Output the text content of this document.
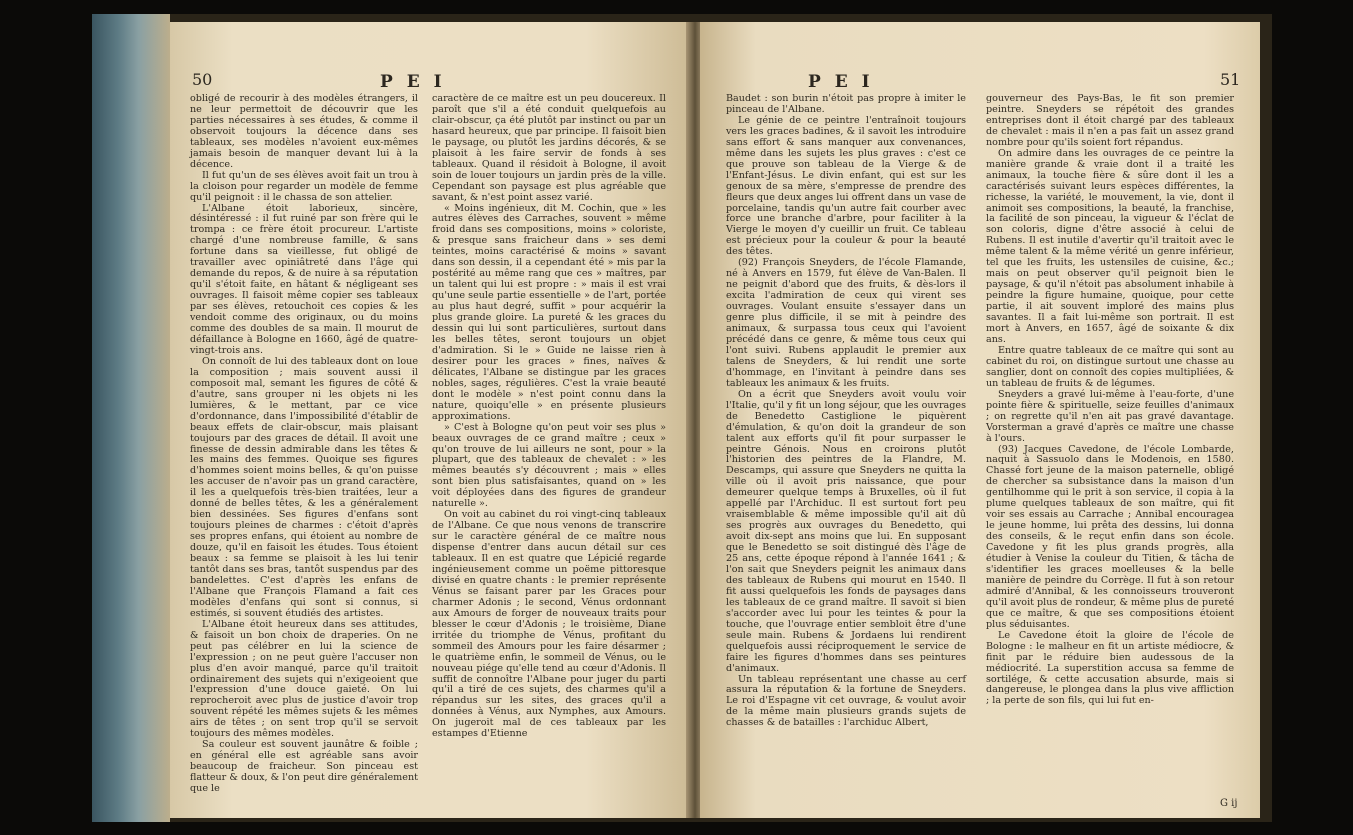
50	P E I

obligé de recourir à des modèles étrangers, il ne leur permettoit de découvrir que les parties nécessaires à ses études, & comme il observoit toujours la décence dans ses tableaux, ses modèles n'avoient eux-mêmes jamais besoin de manquer devant lui à la décence.

Il fut qu'un de ses élèves avoit fait un trou à la cloison pour regarder un modèle de femme qu'il peignoit : il le chassa de son attelier.

L'Albane étoit laborieux, sincère, désintéressé : il fut ruiné par son frère qui le trompa : ce frère étoit procureur. L'artiste chargé d'une nombreuse famille, & sans fortune dans sa vieillesse, fut obligé de travailler avec opiniâtreté dans l'âge qui demande du repos, & de nuire à sa réputation qu'il s'étoit faite, en hâtant & négligeant ses ouvrages. Il faisoit même copier ses tableaux par ses élèves, retouchoit ces copies & les vendoit comme des originaux, ou du moins comme des doubles de sa main. Il mourut de défaillance à Bologne en 1660, âgé de quatre-vingt-trois ans.

On connoît de lui des tableaux dont on loue la composition ; mais souvent aussi il composoit mal, semant les figures de côté & d'autre, sans grouper ni les objets ni les lumières, & le mettant, par ce vice d'ordonnance, dans l'impossibilité d'établir de beaux effets de clair-obscur, mais plaisant toujours par des graces de détail. Il avoit une finesse de dessin admirable dans les têtes & les mains des femmes. Quoique ses figures d'hommes soient moins belles, & qu'on puisse les accuser de n'avoir pas un grand caractère, il les a quelquefois très-bien traitées, leur a donné de belles têtes, & les a généralement bien dessinées. Ses figures d'enfans sont toujours pleines de charmes : c'étoit d'après ses propres enfans, qui étoient au nombre de douze, qu'il en faisoit les études. Tous étoient beaux : sa femme se plaisoit à les lui tenir tantôt dans ses bras, tantôt suspendus par des bandelettes. C'est d'après les enfans de l'Albane que François Flamand a fait ces modèles d'enfans qui sont si connus, si estimés, si souvent étudiés des artistes.

L'Albane étoit heureux dans ses attitudes, & faisoit un bon choix de draperies. On ne peut pas célébrer en lui la science de l'expression ; on ne peut guère l'accuser non plus d'en avoir manqué, parce qu'il traitoit ordinairement des sujets qui n'exigeoient que l'expression d'une douce gaieté. On lui reprocheroit avec plus de justice d'avoir trop souvent répété les mêmes sujets & les mêmes airs de têtes ; on sent trop qu'il se servoit toujours des mêmes modèles.

Sa couleur est souvent jaunâtre & foible ; en général elle est agréable sans avoir beaucoup de fraicheur. Son pinceau est flatteur & doux, & l'on peut dire généralement que le

caractère de ce maître est un peu doucereux. Il paroît que s'il a été conduit quelquefois au clair-obscur, ça été plutôt par instinct ou par un hasard heureux, que par principe. Il faisoit bien le paysage, ou plutôt les jardins décorés, & se plaisoit à les faire servir de fonds à ses tableaux. Quand il résidoit à Bologne, il avoit soin de louer toujours un jardin près de la ville. Cependant son paysage est plus agréable que savant, & n'est point assez varié.

« Moins ingénieux, dit M. Cochin, que » les autres élèves des Carraches, souvent » même froid dans ses compositions, moins » coloriste, & presque sans fraicheur dans » ses demi teintes, moins caractérisé & moins » savant dans son dessin, il a cependant été » mis par la postérité au même rang que ces » maîtres, par un talent qui lui est propre : » mais il est vrai qu'une seule partie essentielle » de l'art, portée au plus haut degré, suffit » pour acquérir la plus grande gloire. La pureté & les graces du dessin qui lui sont particulières, surtout dans les belles têtes, seront toujours un objet d'admiration. Si le » Guide ne laisse rien à desirer pour les graces » fines, naïves & délicates, l'Albane se distingue par les graces nobles, sages, régulières. C'est la vraie beauté dont le modèle » n'est point connu dans la nature, quoiqu'elle » en présente plusieurs approximations.

» C'est à Bologne qu'on peut voir ses plus » beaux ouvrages de ce grand maître ; ceux » qu'on trouve de lui ailleurs ne sont, pour » la plupart, que des tableaux de chevalet : » les mêmes beautés s'y découvrent ; mais » elles sont bien plus satisfaisantes, quand on » les voit déployées dans des figures de grandeur naturelle ».

On voit au cabinet du roi vingt-cinq tableaux de l'Albane. Ce que nous venons de transcrire sur le caractère général de ce maître nous dispense d'entrer dans aucun détail sur ces tableaux. Il en est quatre que Lépicié regarde ingénieusement comme un poëme pittoresque divisé en quatre chants : le premier représente Vénus se faisant parer par les Graces pour charmer Adonis ; le second, Vénus ordonnant aux Amours de forger de nouveaux traits pour blesser le cœur d'Adonis ; le troisième, Diane irritée du triomphe de Vénus, profitant du sommeil des Amours pour les faire désarmer ; le quatrième enfin, le sommeil de Vénus, ou le nouveau piége qu'elle tend au cœur d'Adonis. Il suffit de connoître l'Albane pour juger du parti qu'il a tiré de ces sujets, des charmes qu'il a répandus sur les sites, des graces qu'il a données à Vénus, aux Nymphes, aux Amours. On jugeroit mal de ces tableaux par les estampes d'Etienne

P E I	51

Baudet : son burin n'étoit pas propre à imiter le pinceau de l'Albane.

Le génie de ce peintre l'entraînoit toujours vers les graces badines, & il savoit les introduire sans effort & sans manquer aux convenances, même dans les sujets les plus graves : c'est ce que prouve son tableau de la Vierge & de l'Enfant-Jésus. Le divin enfant, qui est sur les genoux de sa mère, s'empresse de prendre des fleurs que deux anges lui offrent dans un vase de porcelaine, tandis qu'un autre fait courber avec force une branche d'arbre, pour faciliter à la Vierge le moyen d'y cueillir un fruit. Ce tableau est précieux pour la couleur & pour la beauté des têtes.

(92) François Sneyders, de l'école Flamande, né à Anvers en 1579, fut élève de Van-Balen. Il ne peignit d'abord que des fruits, & dès-lors il excita l'admiration de ceux qui virent ses ouvrages. Voulant ensuite s'essayer dans un genre plus difficile, il se mit à peindre des animaux, & surpassa tous ceux qui l'avoient précédé dans ce genre, & même tous ceux qui l'ont suivi. Rubens applaudit le premier aux talens de Sneyders, & lui rendit une sorte d'hommage, en l'invitant à peindre dans ses tableaux les animaux & les fruits.

On a écrit que Sneyders avoit voulu voir l'Italie, qu'il y fit un long séjour, que les ouvrages de Benedetto Castiglione le piquèrent d'émulation, & qu'on doit la grandeur de son talent aux efforts qu'il fit pour surpasser le peintre Génois. Nous en croirons plutôt l'historien des peintres de la Flandre, M. Descamps, qui assure que Sneyders ne quitta la ville où il avoit pris naissance, que pour demeurer quelque temps à Bruxelles, où il fut appellé par l'Archiduc. Il est surtout fort peu vraisemblable & même impossible qu'il ait dû ses progrès aux ouvrages du Benedetto, qui avoit dix-sept ans moins que lui. En supposant que le Benedetto se soit distingué dès l'âge de 25 ans, cette époque répond à l'année 1641 ; & l'on sait que Sneyders peignit les animaux dans des tableaux de Rubens qui mourut en 1540. Il fit aussi quelquefois les fonds de paysages dans les tableaux de ce grand maître. Il savoit si bien s'accorder avec lui pour les teintes & pour la touche, que l'ouvrage entier sembloit être d'une seule main. Rubens & Jordaens lui rendirent quelquefois aussi réciproquement le service de faire les figures d'hommes dans ses peintures d'animaux.

Un tableau représentant une chasse au cerf assura la réputation & la fortune de Sneyders. Le roi d'Espagne vit cet ouvrage, & voulut avoir de la même main plusieurs grands sujets de chasses & de batailles : l'archiduc Albert,

gouverneur des Pays-Bas, le fit son premier peintre. Sneyders se répétoit des grandes entreprises dont il étoit chargé par des tableaux de chevalet : mais il n'en a pas fait un assez grand nombre pour qu'ils soient fort répandus.

On admire dans les ouvrages de ce peintre la manière grande & vraie dont il a traité les animaux, la touche fière & sûre dont il les a caractérisés suivant leurs espèces différentes, la richesse, la variété, le mouvement, la vie, dont il animoit ses compositions, la beauté, la franchise, la facilité de son pinceau, la vigueur & l'éclat de son coloris, digne d'être associé à celui de Rubens. Il est inutile d'avertir qu'il traitoit avec le même talent & la même vérité un genre inférieur, tel que les fruits, les ustensiles de cuisine, &c.; mais on peut observer qu'il peignoit bien le paysage, & qu'il n'étoit pas absolument inhabile à peindre la figure humaine, quoique, pour cette partie, il ait souvent imploré des mains plus savantes. Il a fait lui-même son portrait. Il est mort à Anvers, en 1657, âgé de soixante & dix ans.

Entre quatre tableaux de ce maître qui sont au cabinet du roi, on distingue surtout une chasse au sanglier, dont on connoît des copies multipliées, & un tableau de fruits & de légumes.

Sneyders a gravé lui-même à l'eau-forte, d'une pointe fière & spirituelle, seize feuilles d'animaux ; on regrette qu'il n'en ait pas gravé davantage. Vorsterman a gravé d'après ce maître une chasse à l'ours.

(93) Jacques Cavedone, de l'école Lombarde, naquit à Sassuolo dans le Modenois, en 1580. Chassé fort jeune de la maison paternelle, obligé de chercher sa subsistance dans la maison d'un gentilhomme qui le prit à son service, il copia à la plume quelques tableaux de son maître, qui fit voir ses essais au Carrache ; Annibal encouragea le jeune homme, lui prêta des dessins, lui donna des conseils, & le reçut enfin dans son école. Cavedone y fit les plus grands progrès, alla étudier à Venise la couleur du Titien, & tâcha de s'identifier les graces moelleuses & la belle manière de peindre du Corrège. Il fut à son retour admiré d'Annibal, & les connoisseurs trouveront qu'il avoit plus de rondeur, & même plus de pureté que ce maître, & que ses compositions étoient plus séduisantes.

Le Cavedone étoit la gloire de l'école de Bologne : le malheur en fit un artiste médiocre, & finit par le réduire bien audessous de la médiocrité. La superstition accusa sa femme de sortilége, & cette accusation absurde, mais si dangereuse, le plongea dans la plus vive affliction ; la perte de son fils, qui lui fut en-

G ij
